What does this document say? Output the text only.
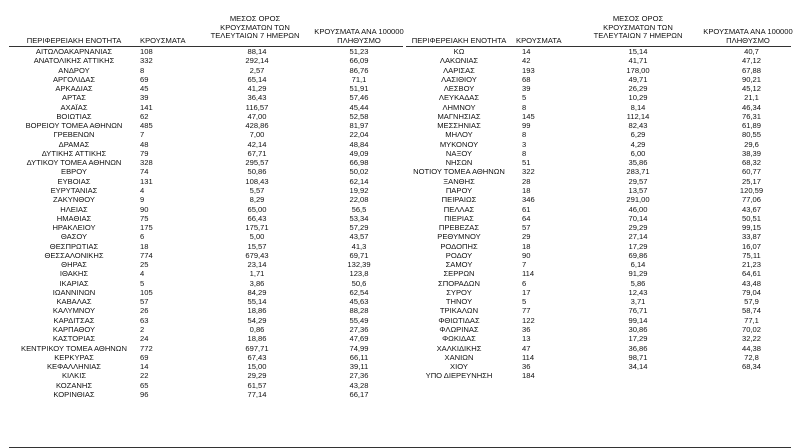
ΠΕΡΙΦΕΡΕΙΑΚΗ ΕΝΟΤΗΤΑ	ΚΡΟΥΣΜΑΤΑ
ΜΕΣΟΣ ΟΡΟΣ ΚΡΟΥΣΜΑΤΩΝ ΤΩΝ ΤΕΛΕΥΤΑΙΩΝ 7 ΗΜΕΡΩΝ	ΚΡΟΥΣΜΑΤΑ ΑΝΑ 100000 ΠΛΗΘΥΣΜΟ
ΑΙΤΩΛΟΑΚΑΡΝΑΝΙΑΣ	108	88,14	51,23
ΑΝΑΤΟΛΙΚΗΣ ΑΤΤΙΚΗΣ	332	292,14	66,09
ΑΝΔΡΟΥ	8	2,57	86,76
ΑΡΓΟΛΙΔΑΣ	69	65,14	71,1
ΑΡΚΑΔΙΑΣ	45	41,29	51,91
ΑΡΤΑΣ	39	36,43	57,46
ΑΧΑΪΑΣ	141	116,57	45,44
ΒΟΙΩΤΙΑΣ	62	47,00	52,58
ΒΟΡΕΙΟΥ ΤΟΜΕΑ ΑΘΗΝΩΝ	485	428,86	81,97
ΓΡΕΒΕΝΩΝ	7	7,00	22,04
ΔΡΑΜΑΣ	48	42,14	48,84
ΔΥΤΙΚΗΣ ΑΤΤΙΚΗΣ	79	67,71	49,09
ΔΥΤΙΚΟΥ ΤΟΜΕΑ ΑΘΗΝΩΝ	328	295,57	66,98
ΕΒΡΟΥ	74	50,86	50,02
ΕΥΒΟΙΑΣ	131	108,43	62,14
ΕΥΡΥΤΑΝΙΑΣ	4	5,57	19,92
ΖΑΚΥΝΘΟΥ	9	8,29	22,08
ΗΛΕΙΑΣ	90	65,00	56,5
ΗΜΑΘΙΑΣ	75	66,43	53,34
ΗΡΑΚΛΕΙΟΥ	175	175,71	57,29
ΘΑΣΟΥ	6	5,00	43,57
ΘΕΣΠΡΩΤΙΑΣ	18	15,57	41,3
ΘΕΣΣΑΛΟΝΙΚΗΣ	774	679,43	69,71
ΘΗΡΑΣ	25	23,14	132,39
ΙΘΑΚΗΣ	4	1,71	123,8
ΙΚΑΡΙΑΣ	5	3,86	50,6
ΙΩΑΝΝΙΝΩΝ	105	84,29	62,54
ΚΑΒΑΛΑΣ	57	55,14	45,63
ΚΑΛΥΜΝΟΥ	26	18,86	88,28
ΚΑΡΔΙΤΣΑΣ	63	54,29	55,49
ΚΑΡΠΑΘΟΥ	2	0,86	27,36
ΚΑΣΤΟΡΙΑΣ	24	18,86	47,69
ΚΕΝΤΡΙΚΟΥ ΤΟΜΕΑ ΑΘΗΝΩΝ	772	697,71	74,99
ΚΕΡΚΥΡΑΣ	69	67,43	66,11
ΚΕΦΑΛΛΗΝΙΑΣ	14	15,00	39,11
ΚΙΛΚΙΣ	22	29,29	27,36
ΚΟΖΑΝΗΣ	65	61,57	43,28
ΚΟΡΙΝΘΙΑΣ	96	77,14	66,17
ΠΕΡΙΦΕΡΕΙΑΚΗ ΕΝΟΤΗΤΑ	ΚΡΟΥΣΜΑΤΑ
ΜΕΣΟΣ ΟΡΟΣ ΚΡΟΥΣΜΑΤΩΝ ΤΩΝ ΤΕΛΕΥΤΑΙΩΝ 7 ΗΜΕΡΩΝ	ΚΡΟΥΣΜΑΤΑ ΑΝΑ 100000 ΠΛΗΘΥΣΜΟ
ΚΩ	14	15,14	40,7
ΛΑΚΩΝΙΑΣ	42	41,71	47,12
ΛΑΡΙΣΑΣ	193	178,00	67,88
ΛΑΣΙΘΙΟΥ	68	49,71	90,21
ΛΕΣΒΟΥ	39	26,29	45,12
ΛΕΥΚΑΔΑΣ	5	10,29	21,1
ΛΗΜΝΟΥ	8	8,14	46,34
ΜΑΓΝΗΣΙΑΣ	145	112,14	76,31
ΜΕΣΣΗΝΙΑΣ	99	82,43	61,89
ΜΗΛΟΥ	8	6,29	80,55
ΜΥΚΟΝΟΥ	3	4,29	29,6
ΝΑΞΟΥ	8	6,00	38,39
ΝΗΣΩΝ	51	35,86	68,32
ΝΟΤΙΟΥ ΤΟΜΕΑ ΑΘΗΝΩΝ	322	283,71	60,77
ΞΑΝΘΗΣ	28	29,57	25,17
ΠΑΡΟΥ	18	13,57	120,59
ΠΕΙΡΑΙΩΣ	346	291,00	77,06
ΠΕΛΛΑΣ	61	46,00	43,67
ΠΙΕΡΙΑΣ	64	70,14	50,51
ΠΡΕΒΕΖΑΣ	57	29,29	99,15
ΡΕΘΥΜΝΟΥ	29	27,14	33,87
ΡΟΔΟΠΗΣ	18	17,29	16,07
ΡΟΔΟΥ	90	69,86	75,11
ΣΑΜΟΥ	7	6,14	21,23
ΣΕΡΡΩΝ	114	91,29	64,61
ΣΠΟΡΑΔΩΝ	6	5,86	43,48
ΣΥΡΟΥ	17	12,43	79,04
ΤΗΝΟΥ	5	3,71	57,9
ΤΡΙΚΑΛΩΝ	77	76,71	58,74
ΦΘΙΩΤΙΔΑΣ	122	99,14	77,1
ΦΛΩΡΙΝΑΣ	36	30,86	70,02
ΦΩΚΙΔΑΣ	13	17,29	32,22
ΧΑΛΚΙΔΙΚΗΣ	47	36,86	44,38
ΧΑΝΙΩΝ	114	98,71	72,8
ΧΙΟΥ	36	34,14	68,34
ΥΠΟ ΔΙΕΡΕΥΝΗΣΗ	184
